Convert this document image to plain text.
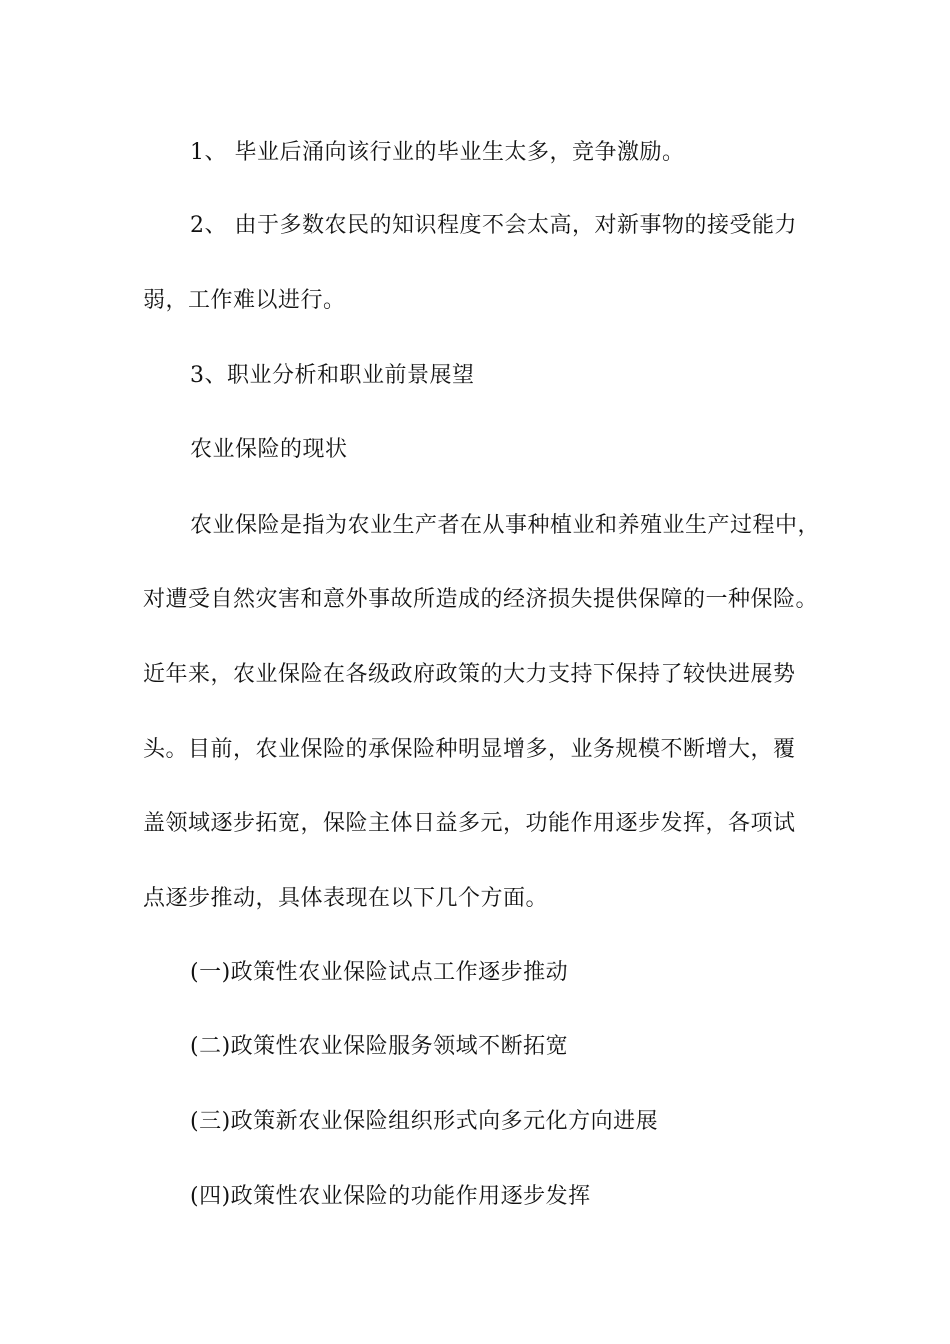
1、 毕业后涌向该行业的毕业生太多，竞争激励。
2、 由于多数农民的知识程度不会太高，对新事物的接受能力
弱，工作难以进行。
3、职业分析和职业前景展望
农业保险的现状
农业保险是指为农业生产者在从事种植业和养殖业生产过程中，
对遭受自然灾害和意外事故所造成的经济损失提供保障的一种保险。
近年来，农业保险在各级政府政策的大力支持下保持了较快进展势
头。目前，农业保险的承保险种明显增多，业务规模不断增大，覆
盖领域逐步拓宽，保险主体日益多元，功能作用逐步发挥，各项试
点逐步推动，具体表现在以下几个方面。
(一)政策性农业保险试点工作逐步推动
(二)政策性农业保险服务领域不断拓宽
(三)政策新农业保险组织形式向多元化方向进展
(四)政策性农业保险的功能作用逐步发挥
